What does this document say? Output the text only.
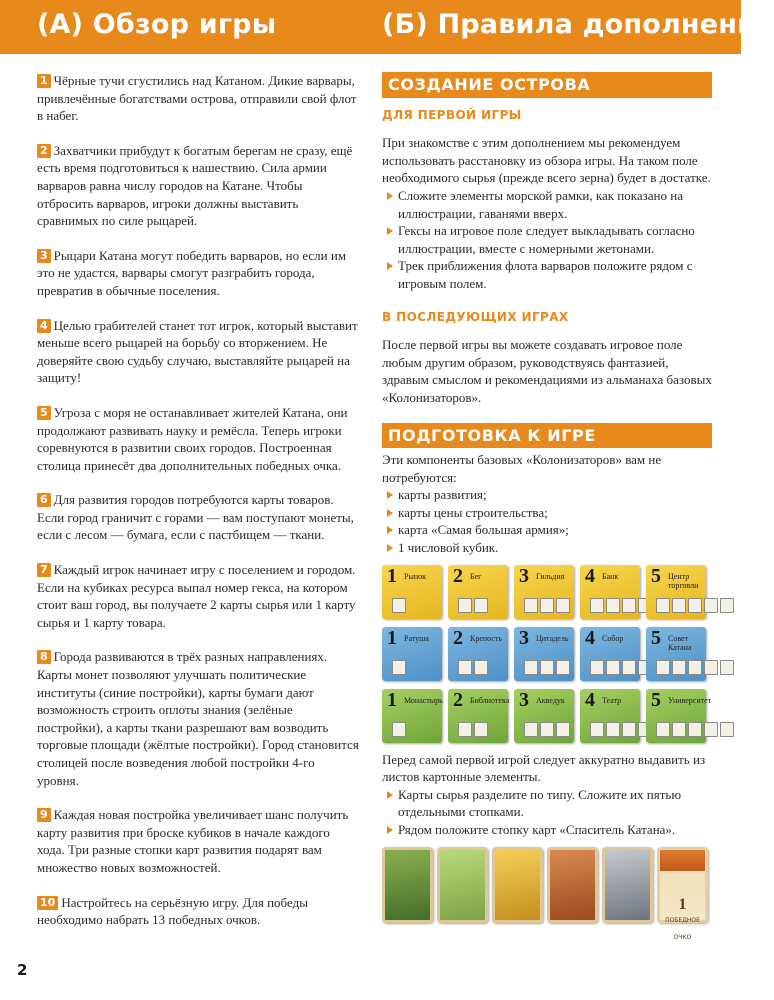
(А) Обзор игры	(Б) Правила дополнения

1 Чёрные тучи сгустились над Катаном. Дикие варвары, привлечённые богатствами острова, отправили свой флот в набег.

2 Захватчики прибудут к богатым берегам не сразу, ещё есть время подготовиться к нашествию. Сила армии варваров равна числу городов на Катане. Чтобы отбросить варваров, игроки должны выставить сравнимых по силе рыцарей.

3 Рыцари Катана могут победить варваров, но если им это не удастся, варвары смогут разграбить города, превратив в обычные поселения.

4 Целью грабителей станет тот игрок, который выставит меньше всего рыцарей на борьбу со вторжением. Не доверяйте свою судьбу случаю, выставляйте рыцарей на защиту!

5 Угроза с моря не останавливает жителей Катана, они продолжают развивать науку и ремёсла. Теперь игроки соревнуются в развитии своих городов. Построенная столица принесёт два дополнительных победных очка.

6 Для развития городов потребуются карты товаров. Если город граничит с горами — вам поступают монеты, если с лесом — бумага, если с пастбищем — ткани.

7 Каждый игрок начинает игру с поселением и городом. Если на кубиках ресурса выпал номер гекса, на котором стоит ваш город, вы получаете 2 карты сырья или 1 карту сырья и 1 карту товара.

8 Города развиваются в трёх разных направлениях. Карты монет позволяют улучшать политические институты (синие постройки), карты бумаги дают возможность строить оплоты знания (зелёные постройки), а карты ткани разрешают вам возводить торговые площади (жёлтые постройки). Город становится столицей после возведения любой постройки 4-го уровня.

9 Каждая новая постройка увеличивает шанс получить карту развития при броске кубиков в начале каждого хода. Три разные стопки карт развития подарят вам множество новых возможностей.

10 Настройтесь на серьёзную игру. Для победы необходимо набрать 13 победных очков.

СОЗДАНИЕ ОСТРОВА
ДЛЯ ПЕРВОЙ ИГРЫ

При знакомстве с этим дополнением мы рекомендуем использовать расстановку из обзора игры. На таком поле необходимого сырья (прежде всего зерна) будет в достатке.

Сложите элементы морской рамки, как показано на иллюстрации, гаванями вверх.
Гексы на игровое поле следует выкладывать согласно иллюстрации, вместе с номерными жетонами.
Трек приближения флота варваров положите рядом с игровым полем.
В ПОСЛЕДУЮЩИХ ИГРАХ

После первой игры вы можете создавать игровое поле любым другим образом, руководствуясь фантазией, здравым смыслом и рекомендациями из альманаха базовых «Колонизаторов».

ПОДГОТОВКА К ИГРЕ

Эти компоненты базовых «Колонизаторов» вам не потребуются:

карты развития;
карты цены строительства;
карта «Самая большая армия»;
1 числовой кубик.
1 Рынок	2 Бег	3 Гильдия	4 Банк	5 Центр торговли
1 Ратуша	2 Крепость 3 Цитадель 4 Собор	5 Совет Катана
1 Монастырь 2 Библиотека 3 Акведук	4 Театр	5 Университет

Перед самой первой игрой следует аккуратно выдавить из листов картонные элементы.

Карты сырья разделите по типу. Сложите их пятью отдельными стопками.
Рядом положите стопку карт «Спаситель Катана».
1
ПОБЕДНОЕ ОЧКО
2
